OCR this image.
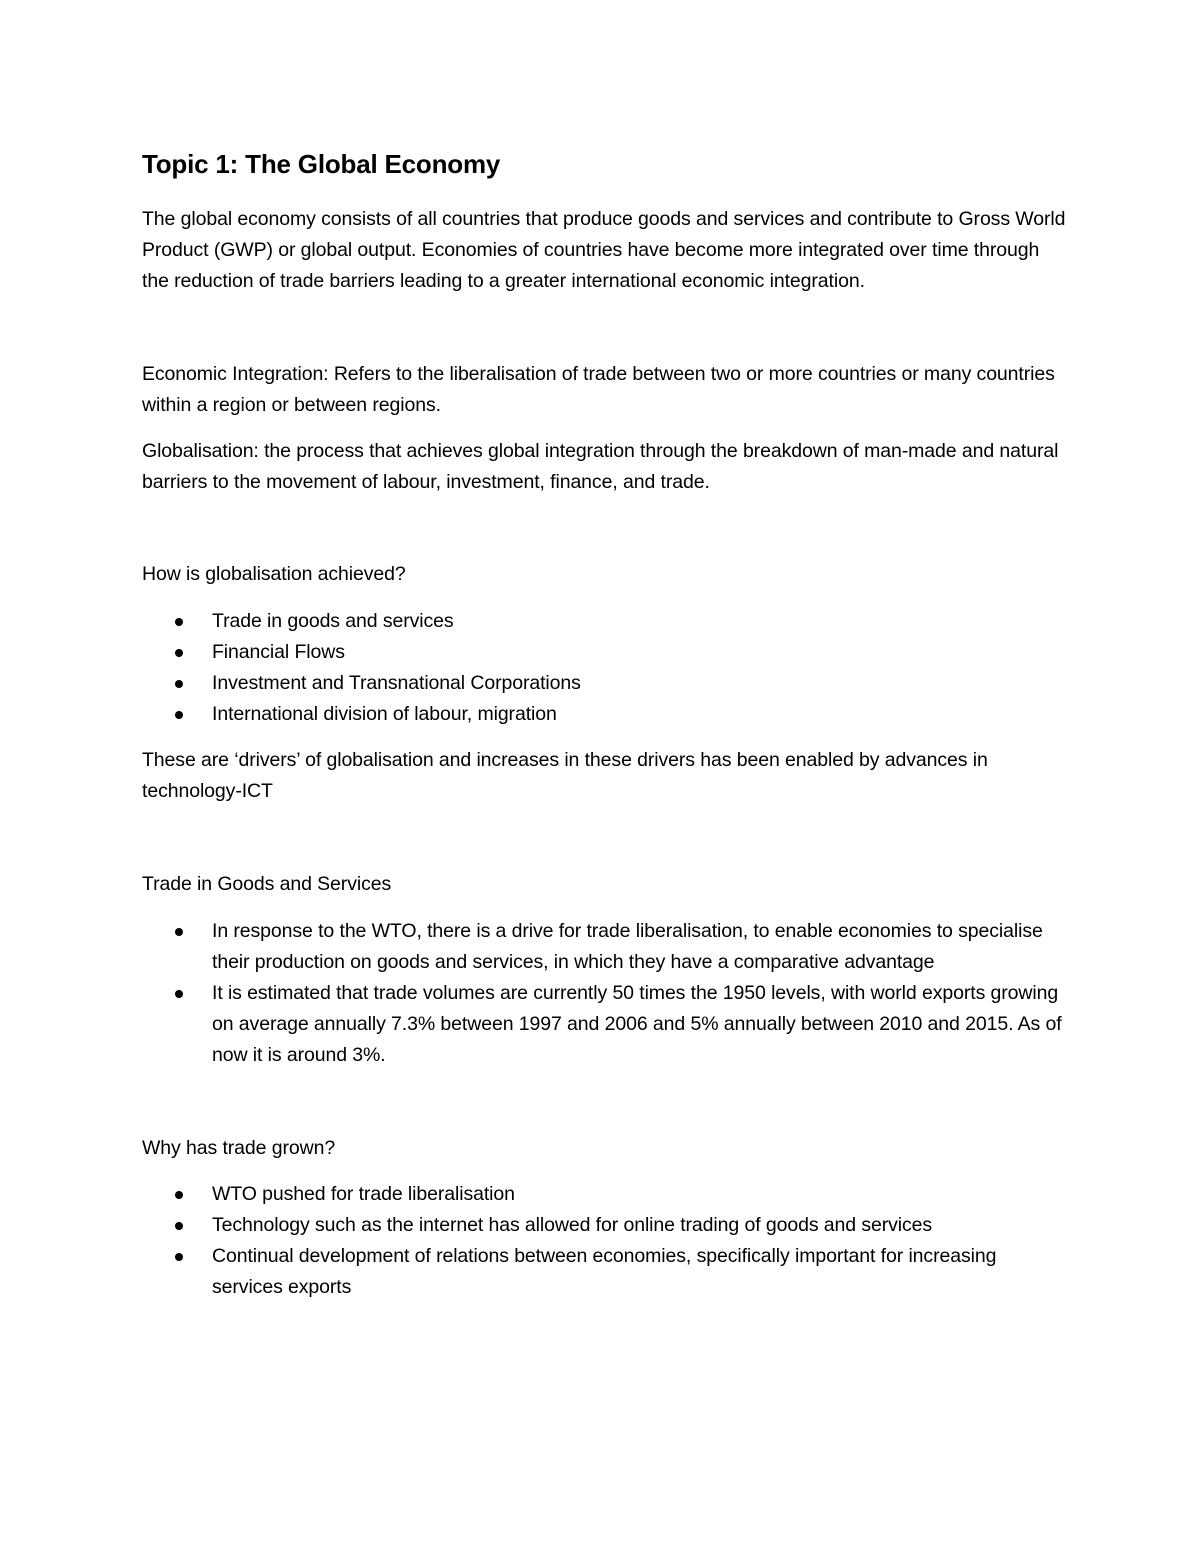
Topic 1: The Global Economy

The global economy consists of all countries that produce goods and services and contribute to Gross World Product (GWP) or global output. Economies of countries have become more integrated over time through the reduction of trade barriers leading to a greater international economic integration.

Economic Integration: Refers to the liberalisation of trade between two or more countries or many countries within a region or between regions.

Globalisation: the process that achieves global integration through the breakdown of man-made and natural barriers to the movement of labour, investment, finance, and trade.

How is globalisation achieved?

Trade in goods and services
Financial Flows
Investment and Transnational Corporations
International division of labour, migration

These are ‘drivers’ of globalisation and increases in these drivers has been enabled by advances in technology-ICT

Trade in Goods and Services

In response to the WTO, there is a drive for trade liberalisation, to enable economies to specialise their production on goods and services, in which they have a comparative advantage
It is estimated that trade volumes are currently 50 times the 1950 levels, with world exports growing on average annually 7.3% between 1997 and 2006 and 5% annually between 2010 and 2015. As of now it is around 3%.

Why has trade grown?

WTO pushed for trade liberalisation
Technology such as the internet has allowed for online trading of goods and services
Continual development of relations between economies, specifically important for increasing services exports
